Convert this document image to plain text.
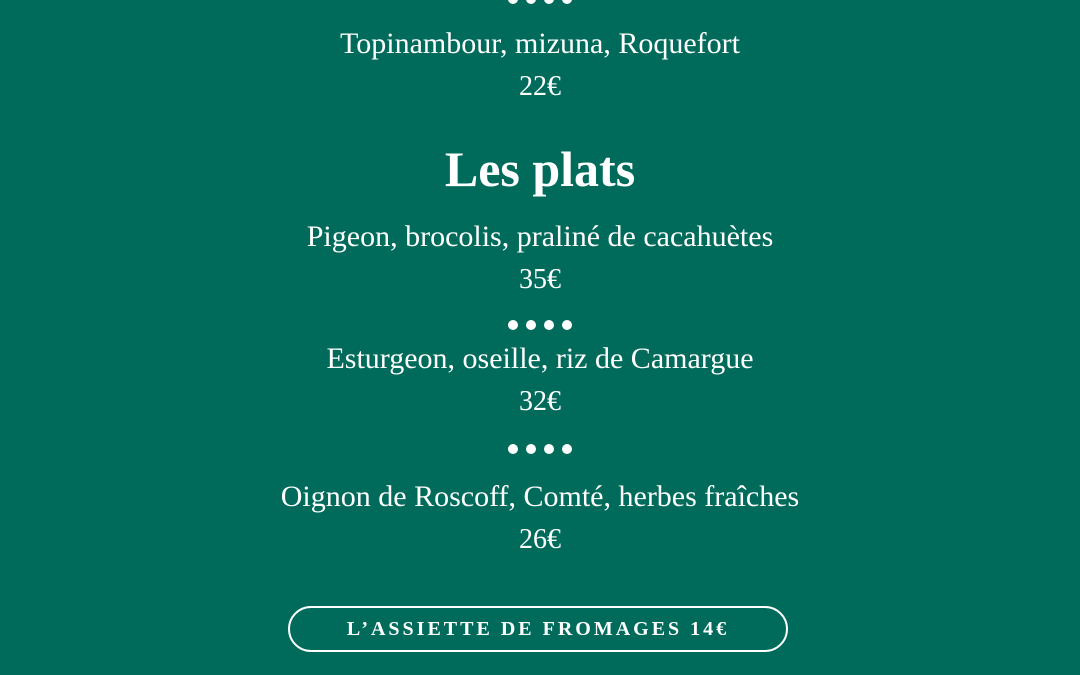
Topinambour, mizuna, Roquefort
22€
Les plats
Pigeon, brocolis, praliné de cacahuètes
35€
Esturgeon, oseille, riz de Camargue
32€
Oignon de Roscoff, Comté, herbes fraîches
26€
L’ASSIETTE DE FROMAGES 14€
